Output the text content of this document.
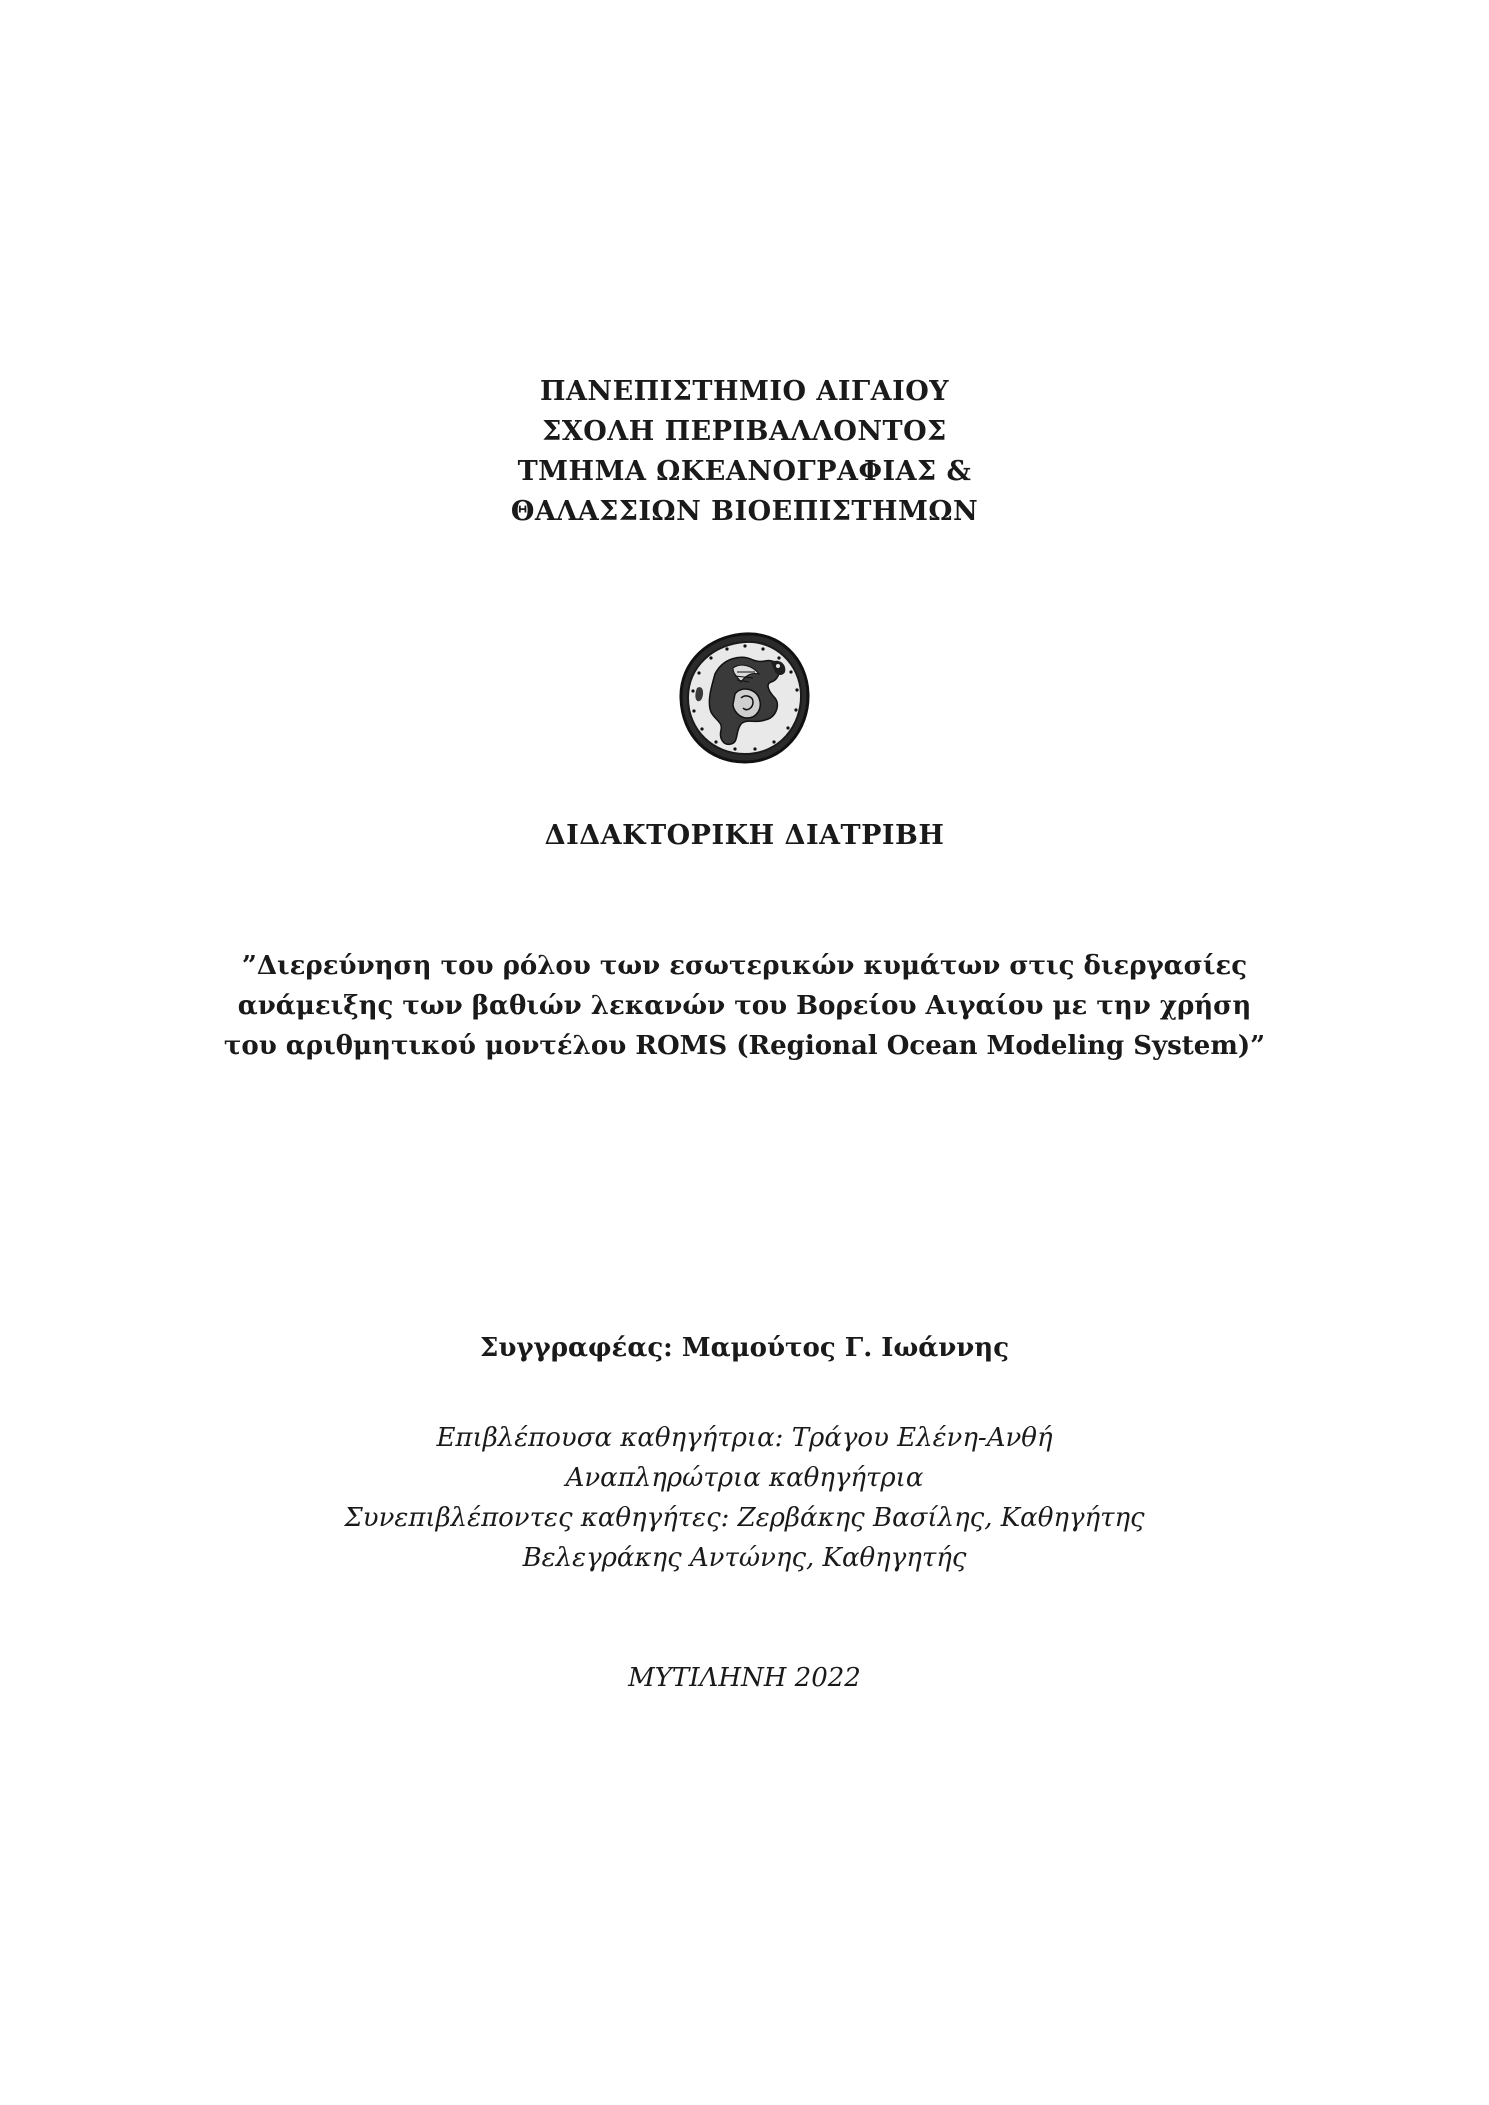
ΠΑΝΕΠΙΣΤΗΜΙΟ ΑΙΓΑΙΟΥ
ΣΧΟΛΗ ΠΕΡΙΒΑΛΛΟΝΤΟΣ
ΤΜΗΜΑ ΩΚΕΑΝΟΓΡΑΦΙΑΣ &
ΘΑΛΑΣΣΙΩΝ ΒΙΟΕΠΙΣΤΗΜΩΝ
ΔΙΔΑΚΤΟΡΙΚΗ ΔΙΑΤΡΙΒΗ
”Διερεύνηση του ρόλου των εσωτερικών κυμάτων στις διεργασίες
ανάμειξης των βαθιών λεκανών του Βορείου Αιγαίου με την χρήση
του αριθμητικού μοντέλου ROMS (Regional Ocean Modeling System)”
Συγγραφέας: Μαμούτος Γ. Ιωάννης
Επιβλέπουσα καθηγήτρια: Τράγου Ελένη-Ανθή
Αναπληρώτρια καθηγήτρια
Συνεπιβλέποντες καθηγήτες: Ζερβάκης Βασίλης, Καθηγήτης
Βελεγράκης Αντώνης, Καθηγητής
ΜΥΤΙΛΗΝΗ 2022
